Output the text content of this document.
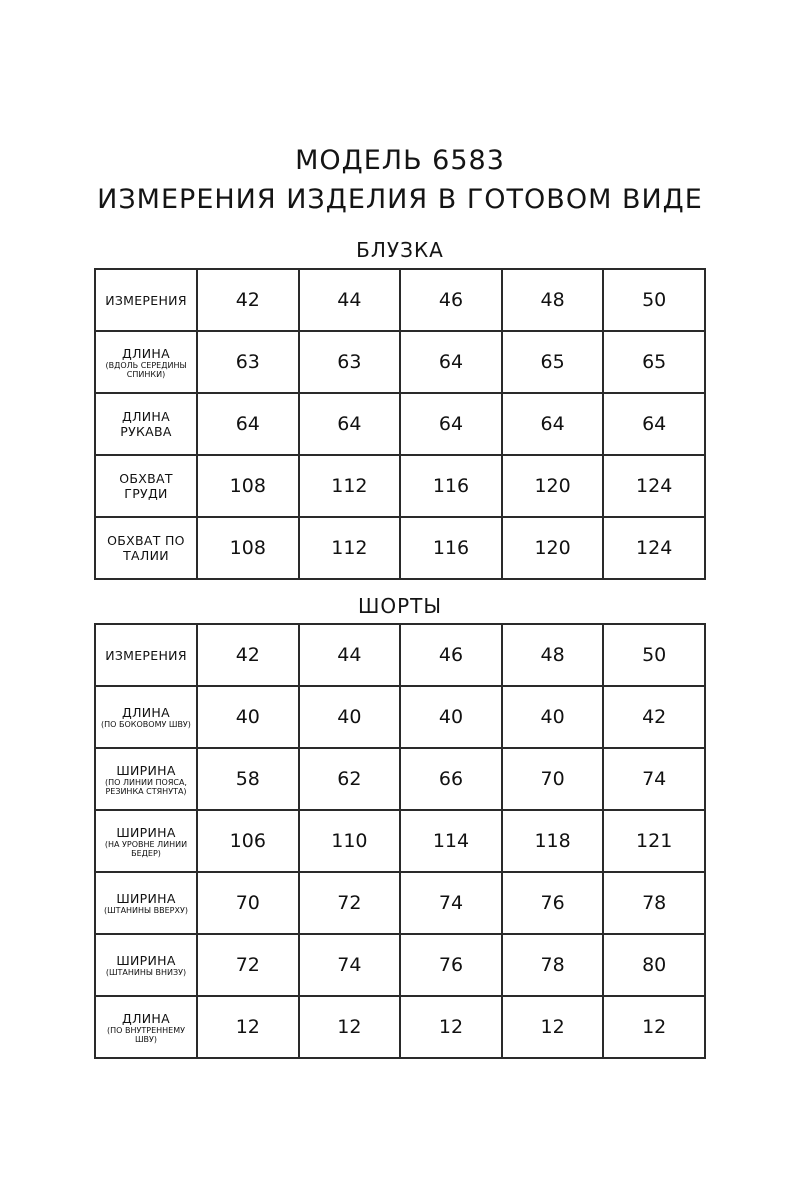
МОДЕЛЬ 6583
ИЗМЕРЕНИЯ ИЗДЕЛИЯ В ГОТОВОМ ВИДЕ
БЛУЗКА
ИЗМЕРЕНИЯ	42	44	46	48	50

ДЛИНА
(ВДОЛЬ СЕРЕДИНЫ СПИНКИ)	63	63	64	65	65

ДЛИНА РУКАВА	64	64	64	64	64

ОБХВАТ ГРУДИ	108	112	116	120	124

ОБХВАТ ПО ТАЛИИ	108	112	116	120	124
ШОРТЫ
ИЗМЕРЕНИЯ	42	44	46	48	50

ДЛИНА
(ПО БОКОВОМУ ШВУ)	40	40	40	40	42

ШИРИНА
(ПО ЛИНИИ ПОЯСА, РЕЗИНКА СТЯНУТА)	58	62	66	70	74

ШИРИНА
(НА УРОВНЕ ЛИНИИ БЕДЕР)	106	110	114	118	121

ШИРИНА
(ШТАНИНЫ ВВЕРХУ)	70	72	74	76	78

ШИРИНА
(ШТАНИНЫ ВНИЗУ)	72	74	76	78	80

ДЛИНА
(ПО ВНУТРЕННЕМУ ШВУ)	12	12	12	12	12
